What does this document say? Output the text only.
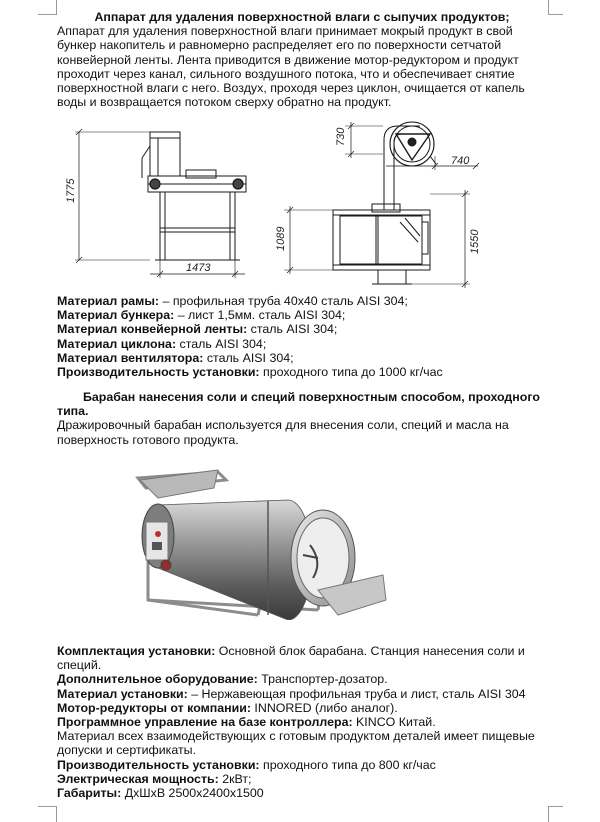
Аппарат для удаления поверхностной влаги с сыпучих продуктов;

Аппарат для удаления поверхностной влаги принимает мокрый продукт в свой бункер накопитель и равномерно распределяет его по поверхности сетчатой конвейерной ленты. Лента приводится в движение мотор-редуктором и продукт проходит через канал, сильного воздушного потока, что и обеспечивает снятие поверхностной влаги с него. Воздух, проходя через циклон, очищается от капель воды и возвращается потоком сверху обратно на продукт.

1775
1473
730
740
1089	1550

Материал рамы: – профильная труба 40х40 сталь AISI 304;

Материал бункера: – лист 1,5мм. сталь AISI 304;

Материал конвейерной ленты: сталь AISI 304;

Материал циклона: сталь AISI 304;

Материал вентилятора: сталь AISI 304;

Производительность установки: проходного типа до 1000 кг/час

Барабан нанесения соли и специй поверхностным способом, проходного типа.

Дражировочный барабан используется для внесения соли, специй и масла на поверхность готового продукта.

Комплектация установки: Основной блок барабана. Станция нанесения соли и специй.

Дополнительное оборудование: Транспортер-дозатор.

Материал установки: – Нержавеющая профильная труба и лист, сталь AISI 304

Мотор-редукторы от компании: INNORED (либо аналог).

Программное управление на базе контроллера: KINCO Китай.

Материал всех взаимодействующих с готовым продуктом деталей имеет пищевые допуски и сертификаты.

Производительность установки: проходного типа до 800 кг/час

Электрическая мощность: 2кВт;

Габариты: ДхШхВ 2500х2400х1500
